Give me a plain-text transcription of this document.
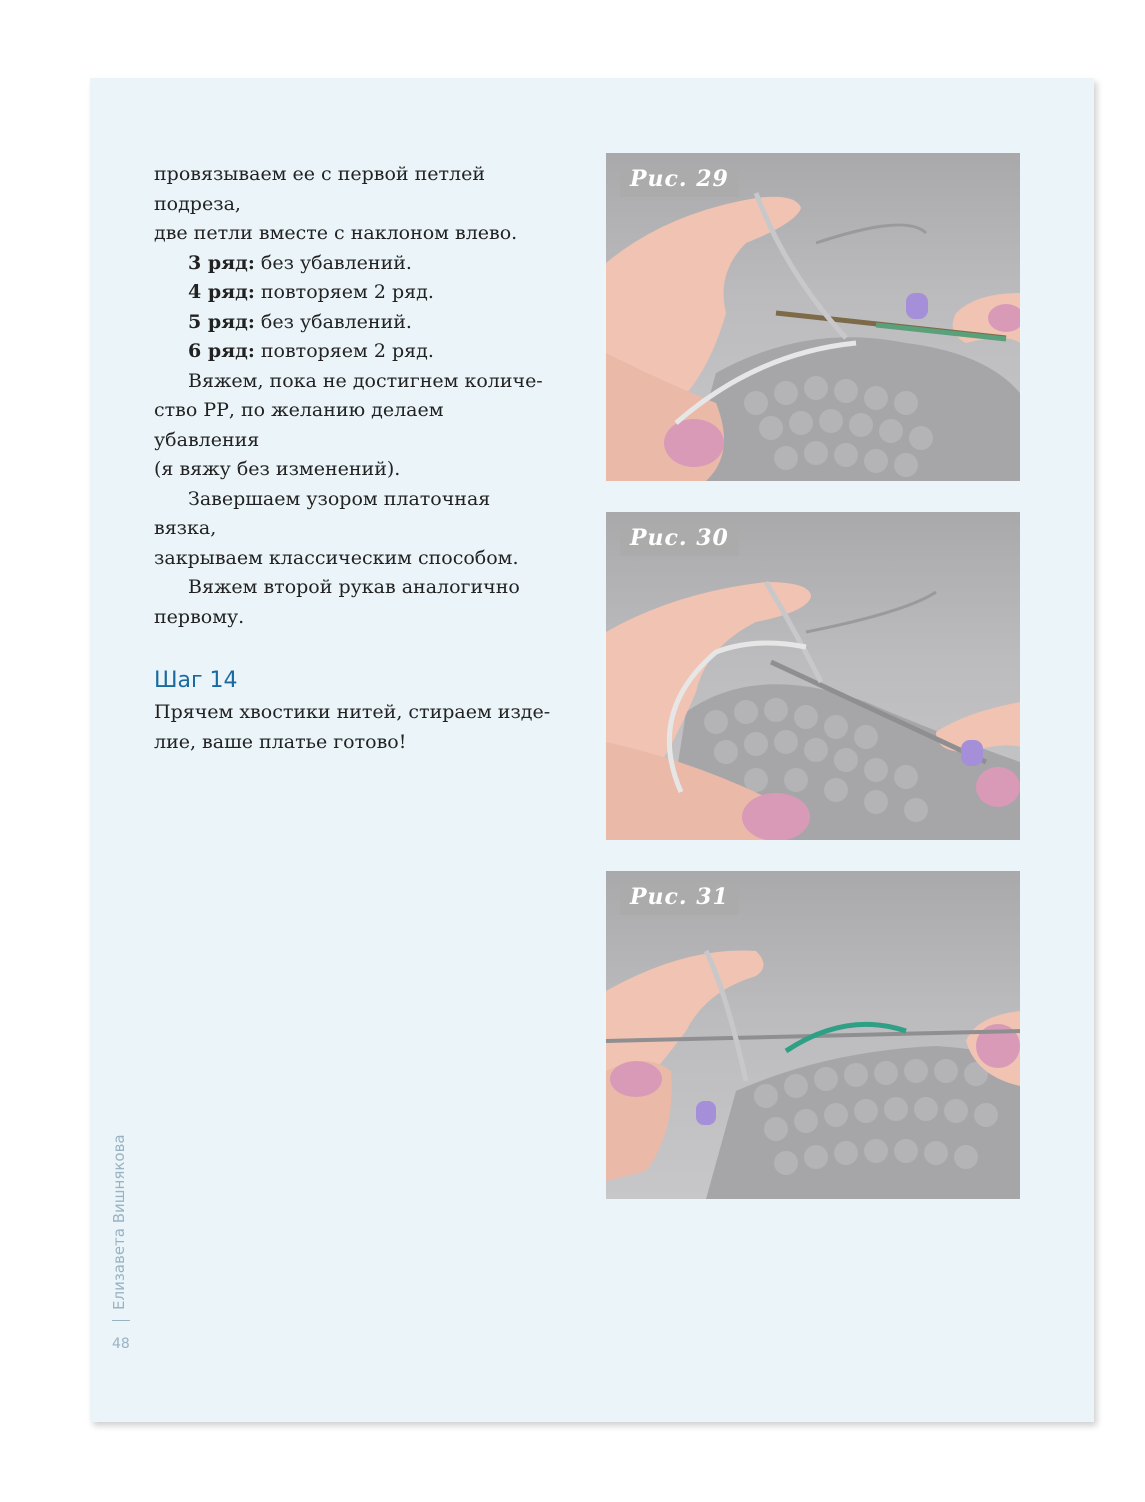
провязываем ее с первой петлей подреза,

две петли вместе с наклоном влево.

3 ряд: без убавлений.

4 ряд: повторяем 2 ряд.

5 ряд: без убавлений.

6 ряд: повторяем 2 ряд.

Вяжем, пока не достигнем количе-

ство РР, по желанию делаем убавления

(я вяжу без изменений).

Завершаем узором платочная вязка,

закрываем классическим способом.

Вяжем второй рукав аналогично

первому.

Шаг 14

Прячем хвостики нитей, стираем изде-

лие, ваше платье готово!

Рис. 29
Рис. 30
Рис. 31
Елизавета Вишнякова
48
